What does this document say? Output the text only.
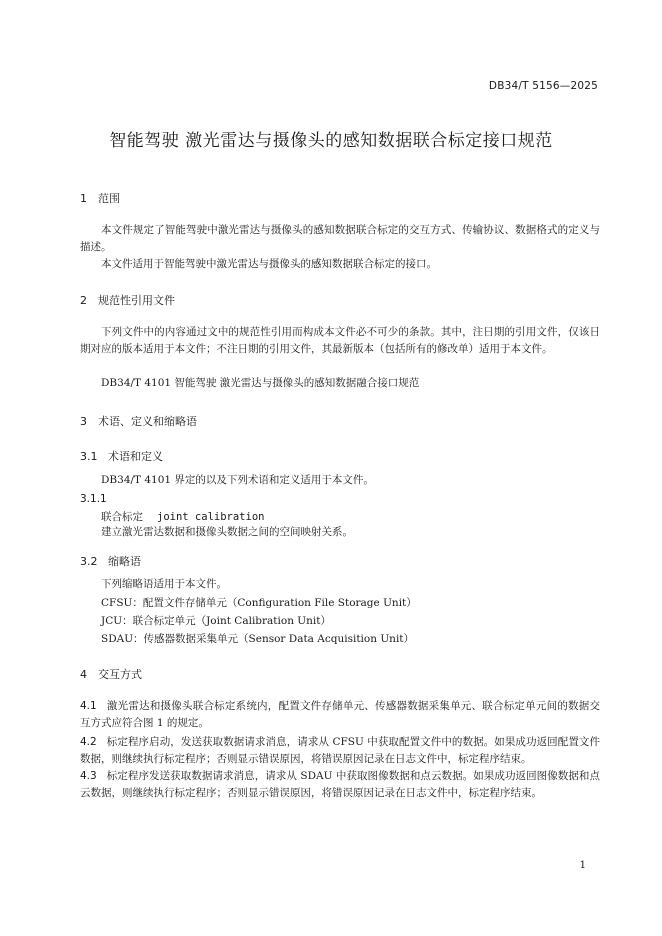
DB34/T 5156—2025
智能驾驶 激光雷达与摄像头的感知数据联合标定接口规范
1 范围
本文件规定了智能驾驶中激光雷达与摄像头的感知数据联合标定的交互方式、传输协议、数据格式的定义与描述。
本文件适用于智能驾驶中激光雷达与摄像头的感知数据联合标定的接口。
2 规范性引用文件
下列文件中的内容通过文中的规范性引用而构成本文件必不可少的条款。其中，注日期的引用文件，仅该日期对应的版本适用于本文件；不注日期的引用文件，其最新版本（包括所有的修改单）适用于本文件。
DB34/T 4101 智能驾驶 激光雷达与摄像头的感知数据融合接口规范
3 术语、定义和缩略语
3.1 术语和定义
DB34/T 4101 界定的以及下列术语和定义适用于本文件。
3.1.1
联合标定 joint calibration
建立激光雷达数据和摄像头数据之间的空间映射关系。
3.2 缩略语
下列缩略语适用于本文件。
CFSU：配置文件存储单元（Configuration File Storage Unit）
JCU：联合标定单元（Joint Calibration Unit）
SDAU：传感器数据采集单元（Sensor Data Acquisition Unit）
4 交互方式
4.1 激光雷达和摄像头联合标定系统内，配置文件存储单元、传感器数据采集单元、联合标定单元间的数据交互方式应符合图 1 的规定。
4.2 标定程序启动，发送获取数据请求消息，请求从 CFSU 中获取配置文件中的数据。如果成功返回配置文件数据，则继续执行标定程序；否则显示错误原因，将错误原因记录在日志文件中，标定程序结束。
4.3 标定程序发送获取数据请求消息，请求从 SDAU 中获取图像数据和点云数据。如果成功返回图像数据和点云数据，则继续执行标定程序；否则显示错误原因，将错误原因记录在日志文件中，标定程序结束。
1
